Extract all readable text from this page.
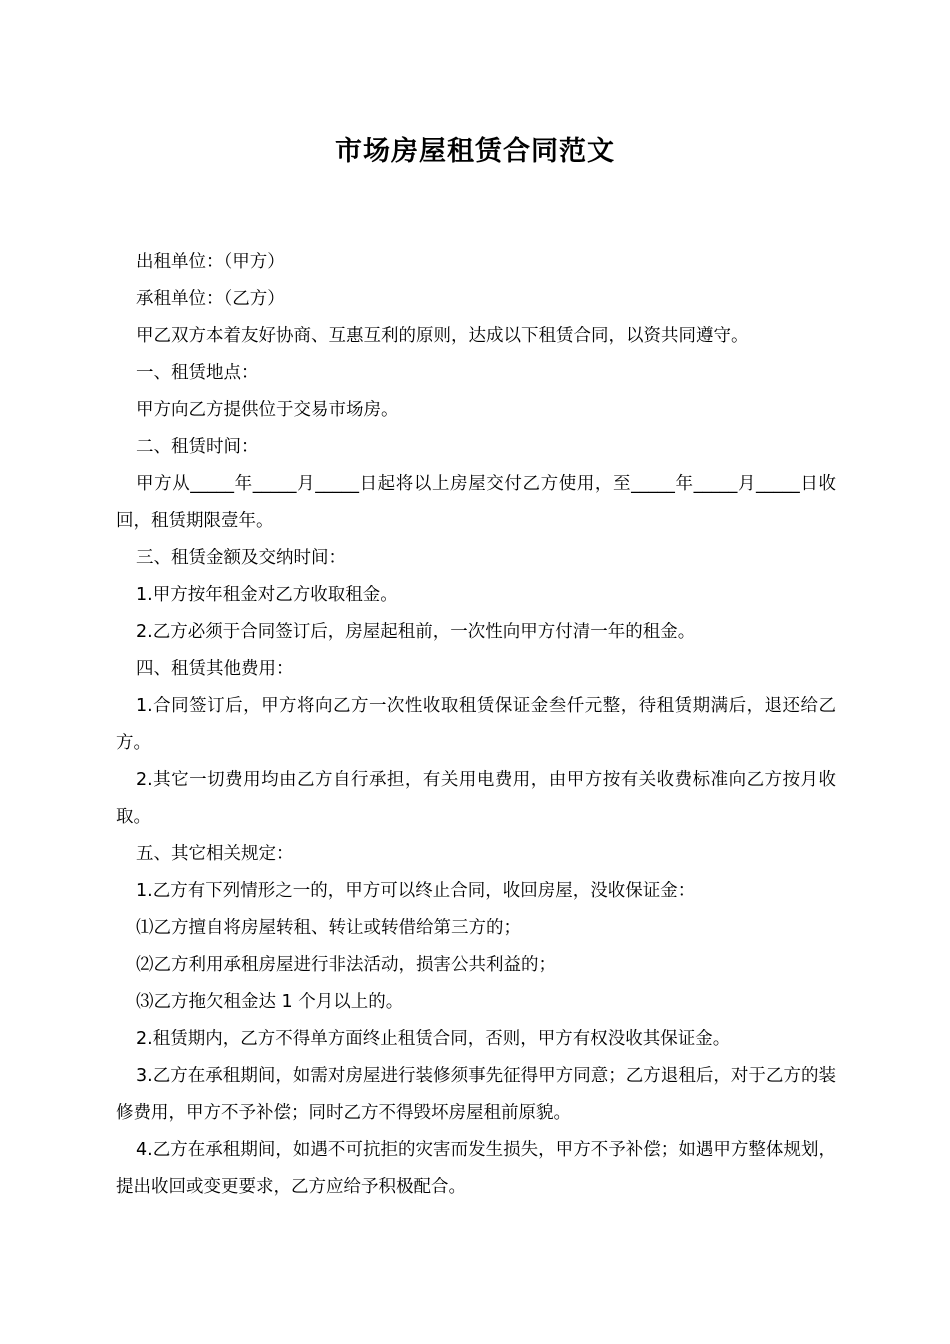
市场房屋租赁合同范文

出租单位：（甲方）

承租单位：（乙方）

甲乙双方本着友好协商、互惠互利的原则，达成以下租赁合同，以资共同遵守。

一、租赁地点：

甲方向乙方提供位于交易市场房。

二、租赁时间：

甲方从_____年_____月_____日起将以上房屋交付乙方使用，至_____年_____月_____日收回，租赁期限壹年。

三、租赁金额及交纳时间：

1.甲方按年租金对乙方收取租金。

2.乙方必须于合同签订后，房屋起租前，一次性向甲方付清一年的租金。

四、租赁其他费用：

1.合同签订后，甲方将向乙方一次性收取租赁保证金叁仟元整，待租赁期满后，退还给乙方。

2.其它一切费用均由乙方自行承担，有关用电费用，由甲方按有关收费标准向乙方按月收取。

五、其它相关规定：

1.乙方有下列情形之一的，甲方可以终止合同，收回房屋，没收保证金：

⑴乙方擅自将房屋转租、转让或转借给第三方的；

⑵乙方利用承租房屋进行非法活动，损害公共利益的；

⑶乙方拖欠租金达 1 个月以上的。

2.租赁期内，乙方不得单方面终止租赁合同，否则，甲方有权没收其保证金。

3.乙方在承租期间，如需对房屋进行装修须事先征得甲方同意；乙方退租后，对于乙方的装修费用，甲方不予补偿；同时乙方不得毁坏房屋租前原貌。

4.乙方在承租期间，如遇不可抗拒的灾害而发生损失，甲方不予补偿；如遇甲方整体规划，提出收回或变更要求，乙方应给予积极配合。
